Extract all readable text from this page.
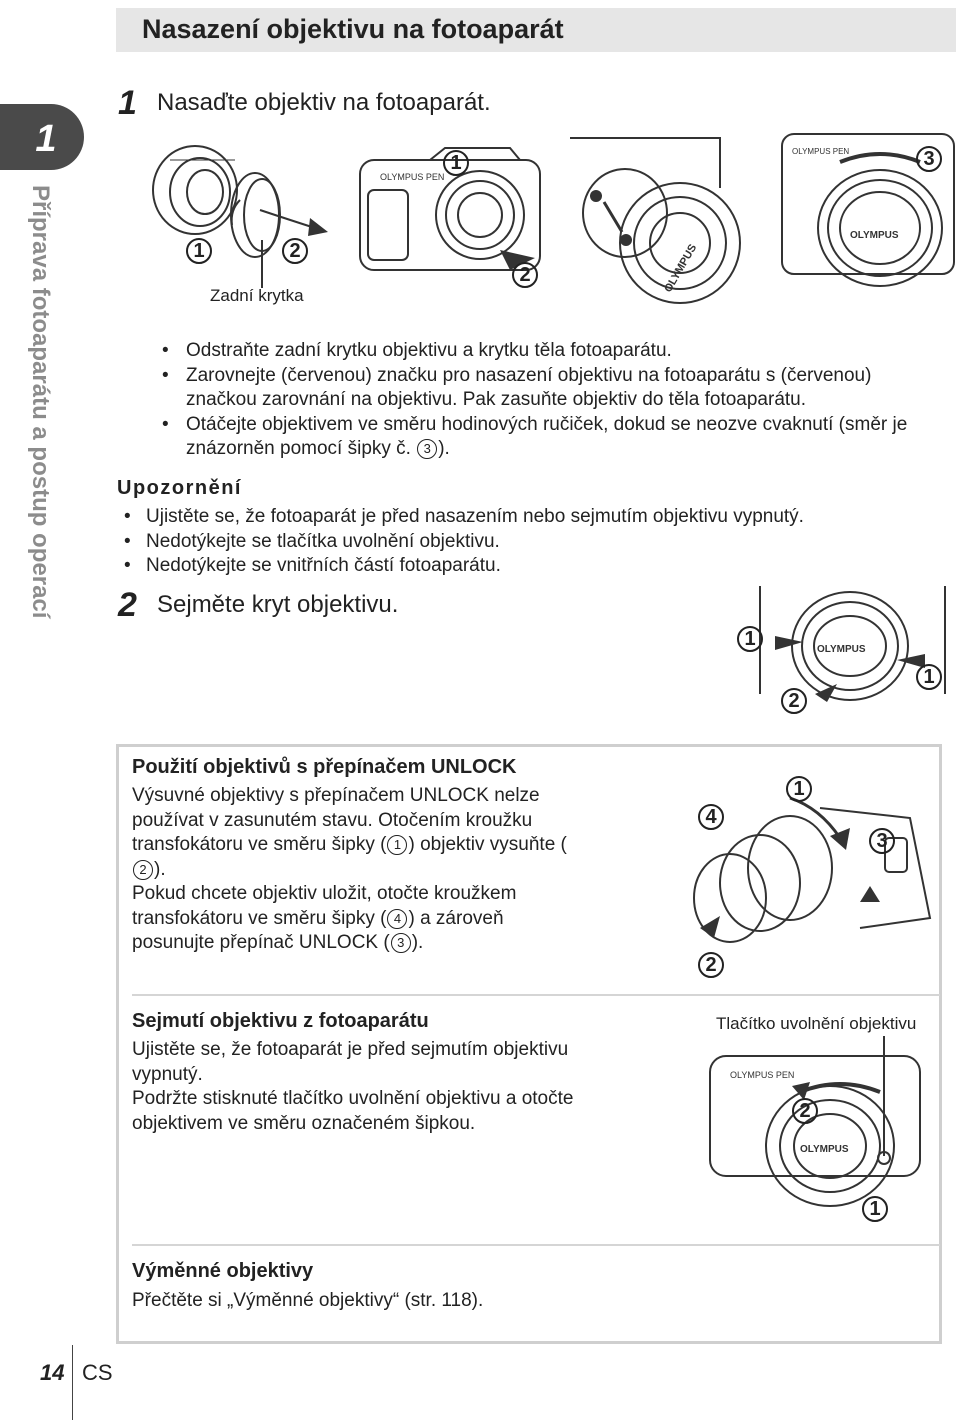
Nasazení objektivu na fotoaparát
1
Příprava fotoaparátu a postup operací
1 Nasaďte objektiv na fotoaparát.
1	2
Zadní krytka
OLYMPUS PEN
1
2	OLYMPUS
OLYMPUS
OLYMPUS PEN	3
• Odstraňte zadní krytku objektivu a krytku těla fotoaparátu.
• Zarovnejte (červenou) značku pro nasazení objektivu na fotoaparátu s (červenou) značkou zarovnání na objektivu. Pak zasuňte objektiv do těla fotoaparátu.
• Otáčejte objektivem ve směru hodinových ručiček, dokud se neozve cvaknutí (směr je znázorněn pomocí šipky č. 3 ).
Upozornění
• Ujistěte se, že fotoaparát je před nasazením nebo sejmutím objektivu vypnutý.
• Nedotýkejte se tlačítka uvolnění objektivu.
• Nedotýkejte se vnitřních částí fotoaparátu.
2 Sejměte kryt objektivu.
OLYMPUS
1
1
2
Použití objektivů s přepínačem UNLOCK
Výsuvné objektivy s přepínačem UNLOCK nelze používat v zasunutém stavu. Otočením kroužku transfokátoru ve směru šipky ( 1 ) objektiv vysuňte (2 ).
Pokud chcete objektiv uložit, otočte kroužkem transfokátoru ve směru šipky ( 4 ) a zároveň posunujte přepínač UNLOCK ( 3 ).
4
1
3
2
Sejmutí objektivu z fotoaparátu
Ujistěte se, že fotoaparát je před sejmutím objektivu vypnutý.
Podržte stisknuté tlačítko uvolnění objektivu a otočte objektivem ve směru označeném šipkou.
Tlačítko uvolnění objektivu
OLYMPUS PEN
OLYMPUS
2
1
Výměnné objektivy
Přečtěte si „Výměnné objektivy“ (str. 118).
14 CS
